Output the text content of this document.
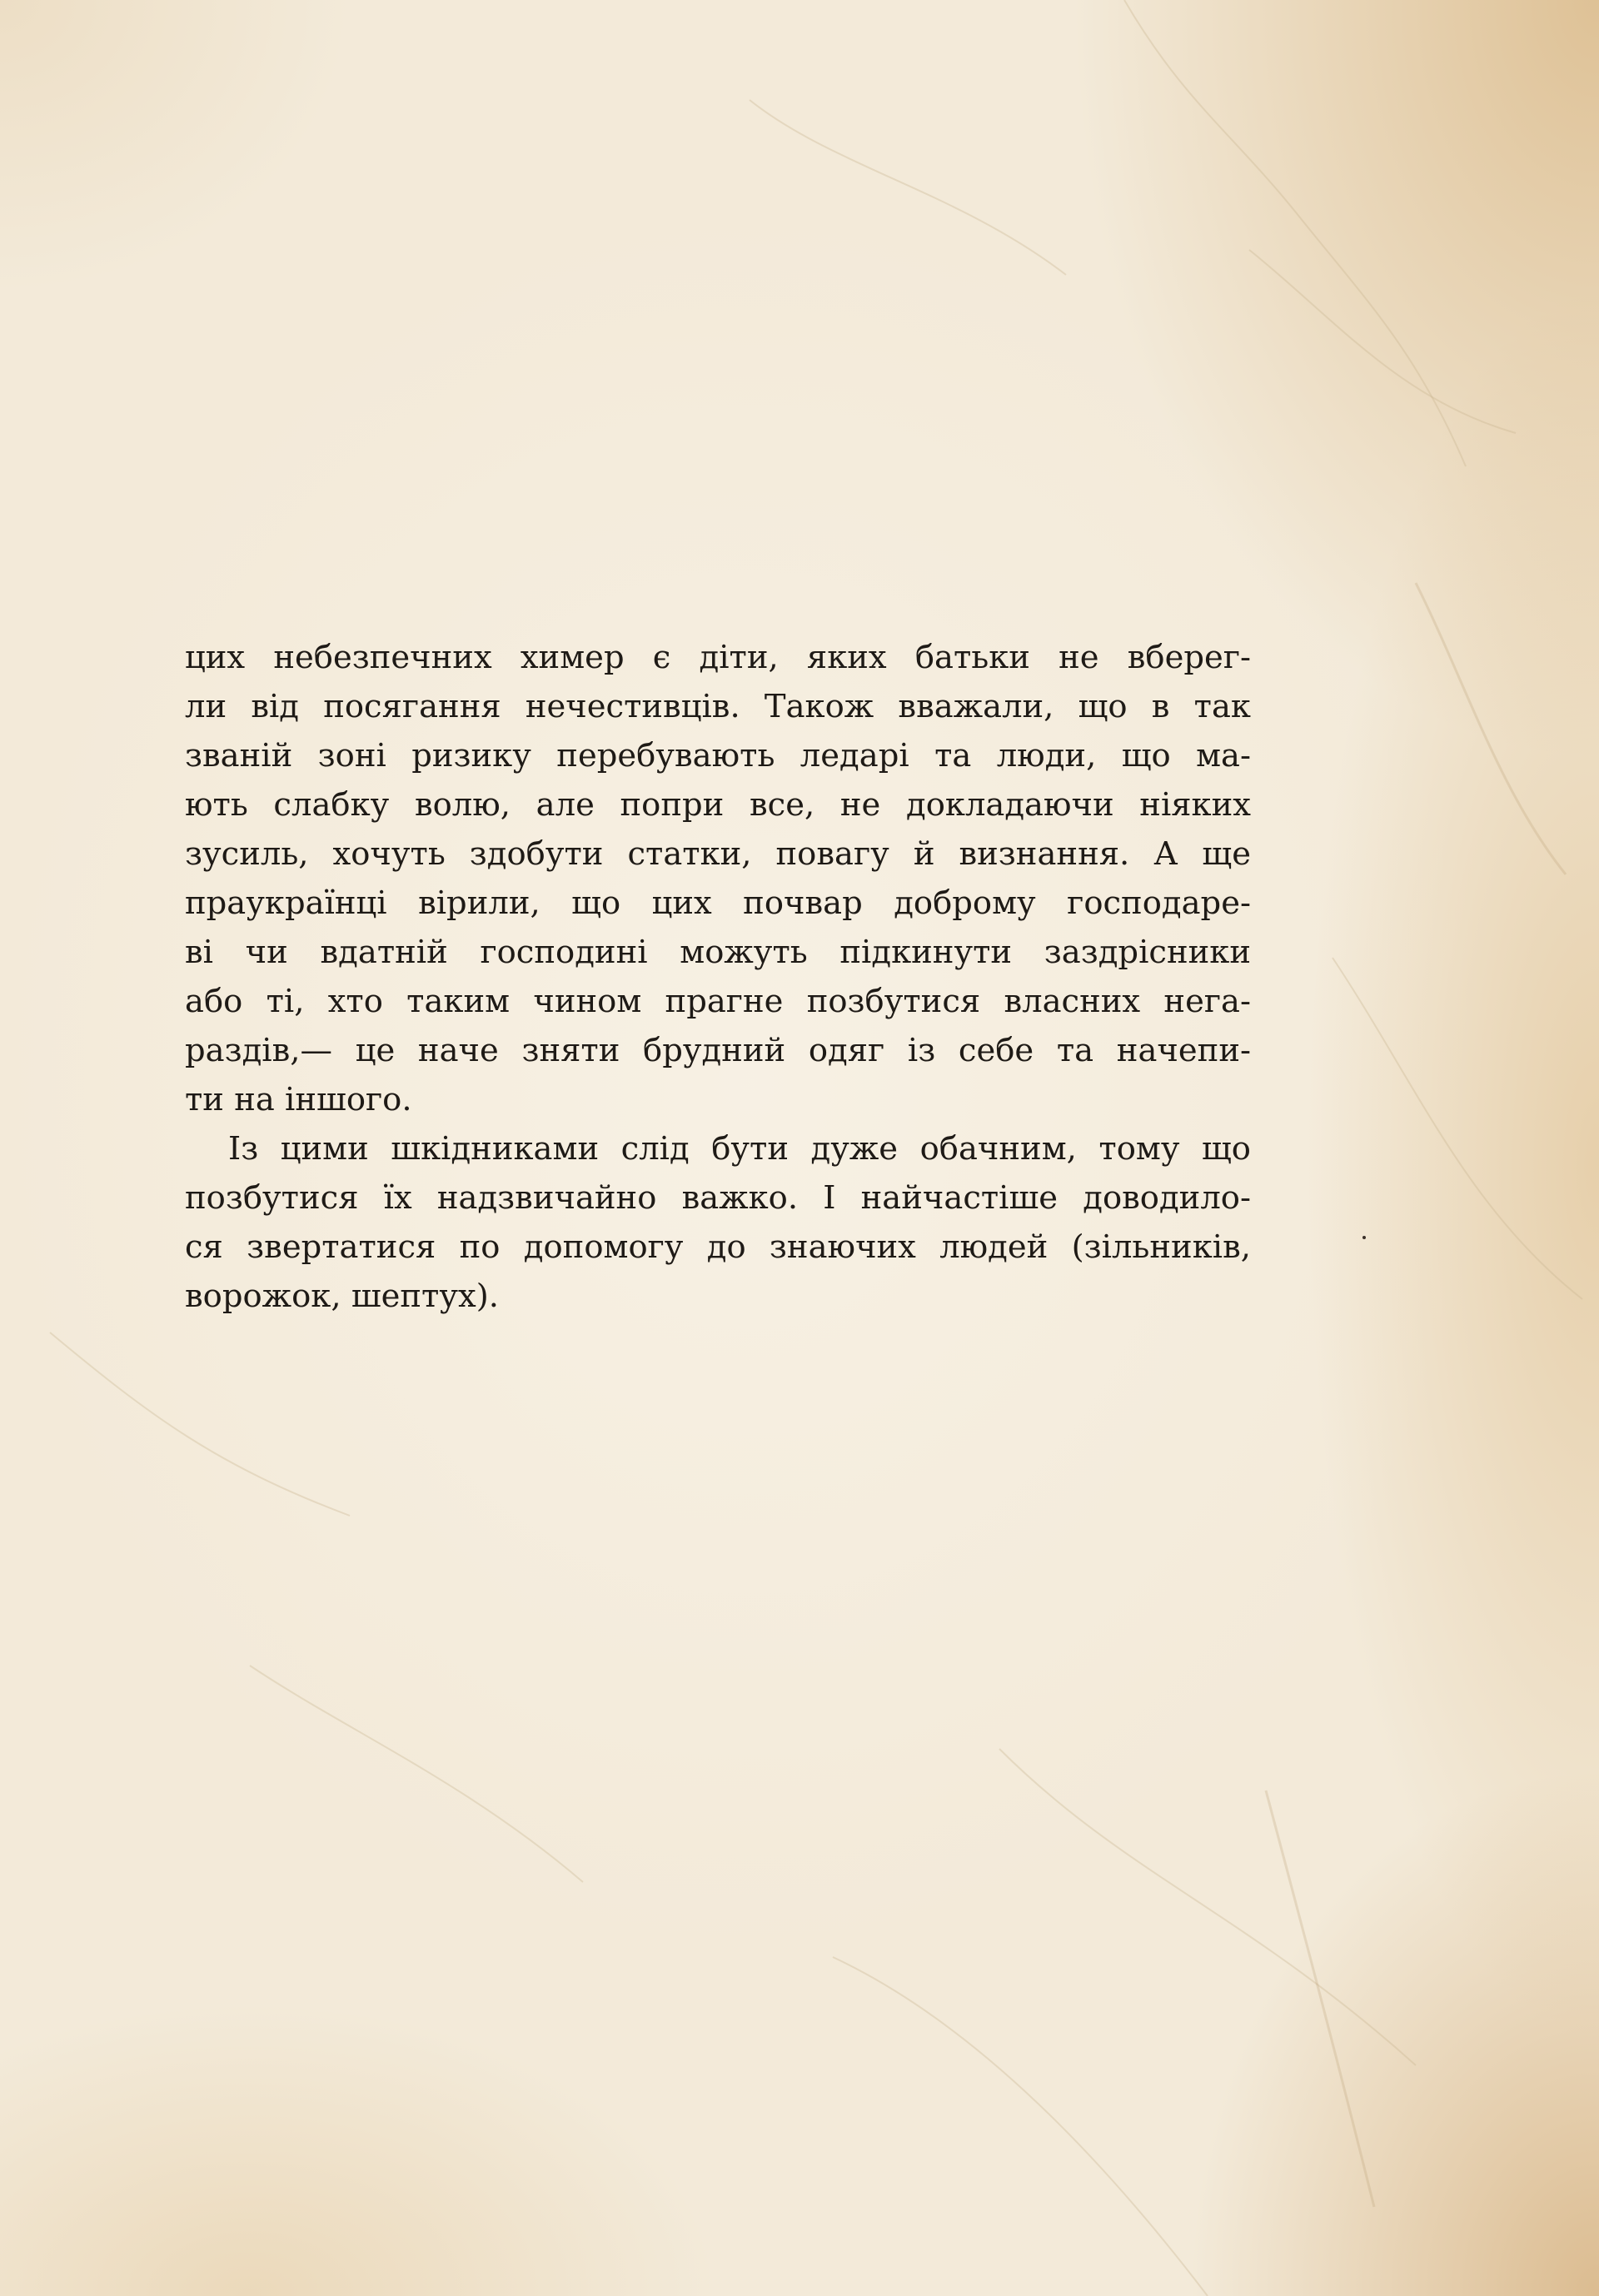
цих небезпечних химер є діти, яких батьки не вберег-
ли від посягання нечестивців. Також вважали, що в так
званій зоні ризику перебувають ледарі та люди, що ма-
ють слабку волю, але попри все, не докладаючи ніяких
зусиль, хочуть здобути статки, повагу й визнання. А ще
праукраїнці вірили, що цих почвар доброму господаре-
ві чи вдатній господині можуть підкинути заздрісники
або ті, хто таким чином прагне позбутися власних нега-
раздів,— це наче зняти брудний одяг із себе та начепи-
ти на іншого.

Із цими шкідниками слід бути дуже обачним, тому що
позбутися їх надзвичайно важко. І найчастіше доводило-
ся звертатися по допомогу до знаючих людей (зільників,
ворожок, шептух).
